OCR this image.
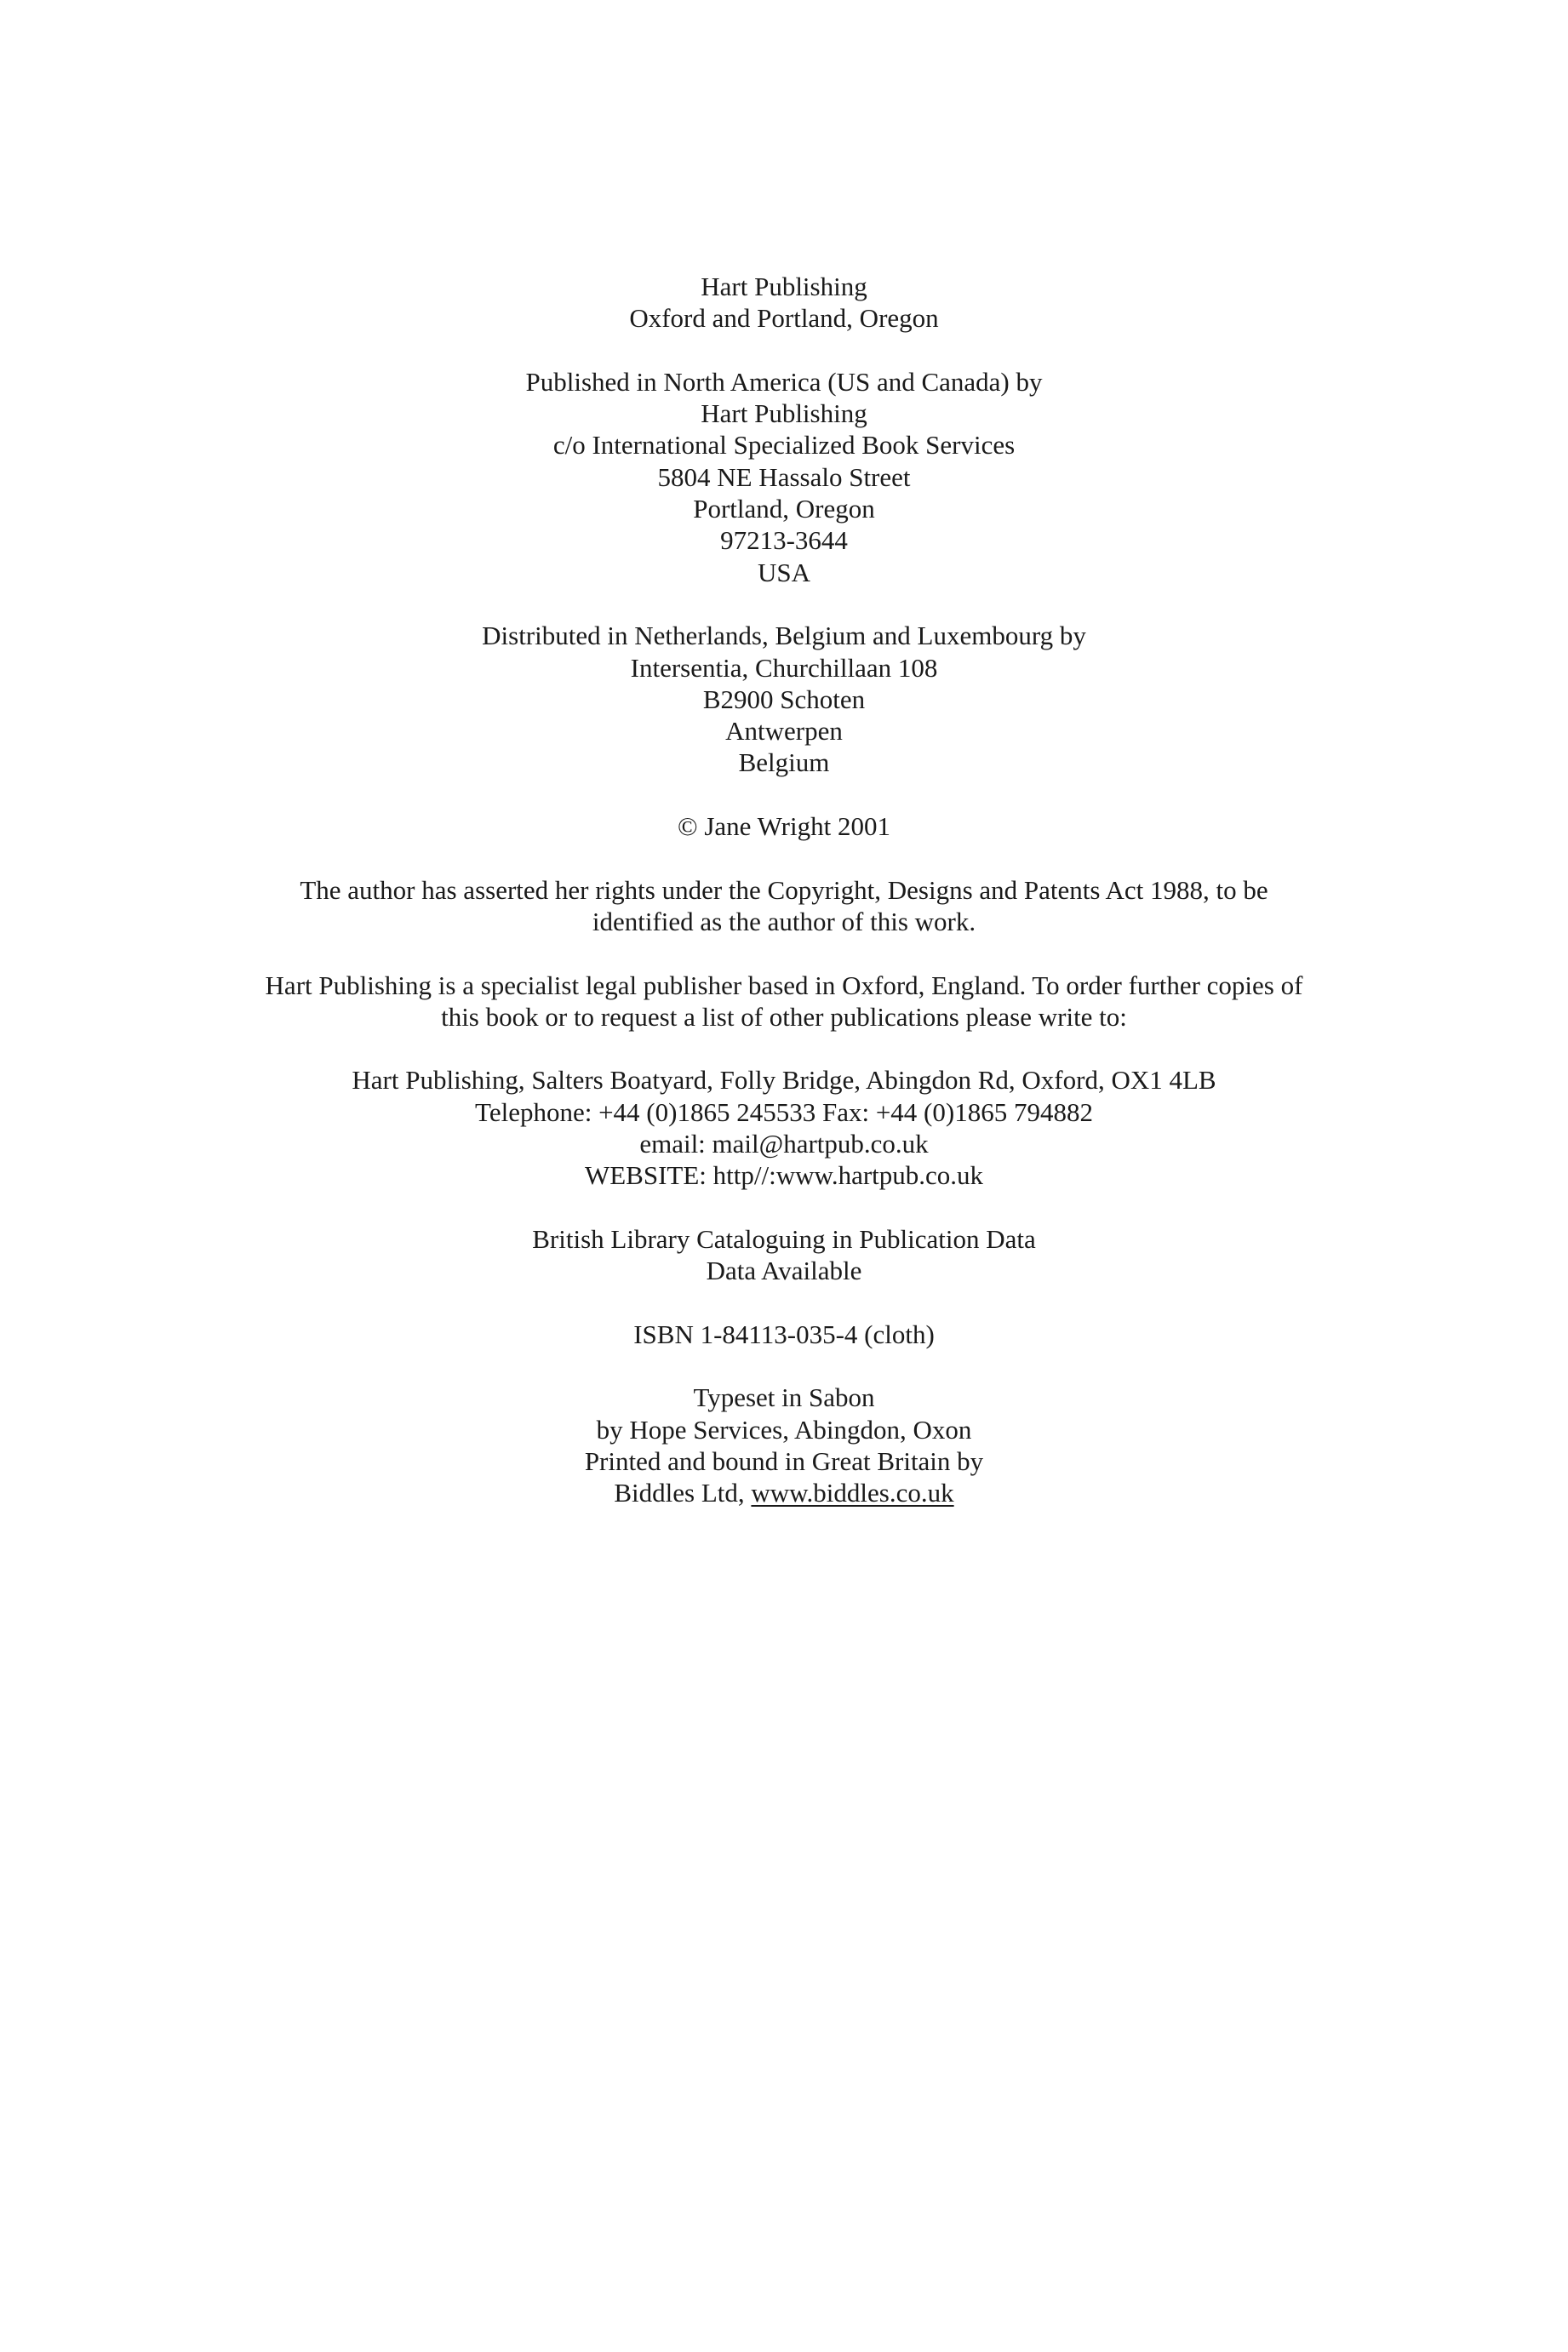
Hart Publishing
Oxford and Portland, Oregon
Published in North America (US and Canada) by
Hart Publishing
c/o International Specialized Book Services
5804 NE Hassalo Street
Portland, Oregon
97213-3644
USA
Distributed in Netherlands, Belgium and Luxembourg by
Intersentia, Churchillaan 108
B2900 Schoten
Antwerpen
Belgium
© Jane Wright 2001
The author has asserted her rights under the Copyright, Designs and Patents Act 1988, to be
identified as the author of this work.
Hart Publishing is a specialist legal publisher based in Oxford, England. To order further copies of
this book or to request a list of other publications please write to:
Hart Publishing, Salters Boatyard, Folly Bridge, Abingdon Rd, Oxford, OX1 4LB
Telephone: +44 (0)1865 245533 Fax: +44 (0)1865 794882
email: mail@hartpub.co.uk
WEBSITE: http//:www.hartpub.co.uk
British Library Cataloguing in Publication Data
Data Available
ISBN 1-84113-035-4 (cloth)
Typeset in Sabon
by Hope Services, Abingdon, Oxon
Printed and bound in Great Britain by
Biddles Ltd, www.biddles.co.uk
